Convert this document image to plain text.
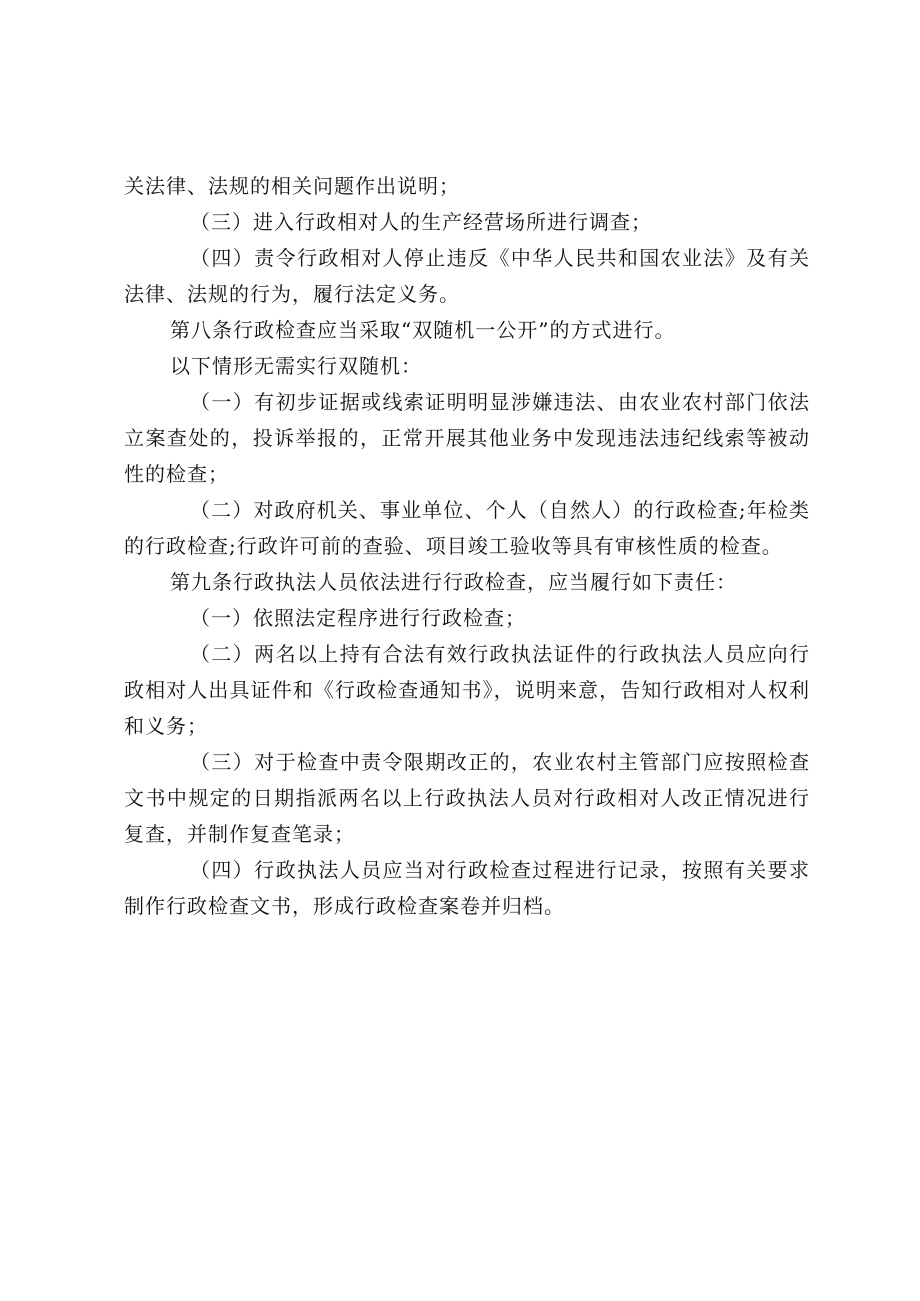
关法律、法规的相关问题作出说明；

（三）进入行政相对人的生产经营场所进行调查；

（四）责令行政相对人停止违反《中华人民共和国农业法》及有关法律、法规的行为，履行法定义务。

第八条行政检查应当采取“双随机一公开”的方式进行。

以下情形无需实行双随机：

（一）有初步证据或线索证明明显涉嫌违法、由农业农村部门依法立案查处的，投诉举报的，正常开展其他业务中发现违法违纪线索等被动性的检查；

（二）对政府机关、事业单位、个人（自然人）的行政检查;年检类的行政检查;行政许可前的查验、项目竣工验收等具有审核性质的检查。

第九条行政执法人员依法进行行政检查，应当履行如下责任：

（一）依照法定程序进行行政检查；

（二）两名以上持有合法有效行政执法证件的行政执法人员应向行政相对人出具证件和《行政检查通知书》，说明来意，告知行政相对人权利和义务；

（三）对于检查中责令限期改正的，农业农村主管部门应按照检查文书中规定的日期指派两名以上行政执法人员对行政相对人改正情况进行复查，并制作复查笔录；

（四）行政执法人员应当对行政检查过程进行记录，按照有关要求制作行政检查文书，形成行政检查案卷并归档。
